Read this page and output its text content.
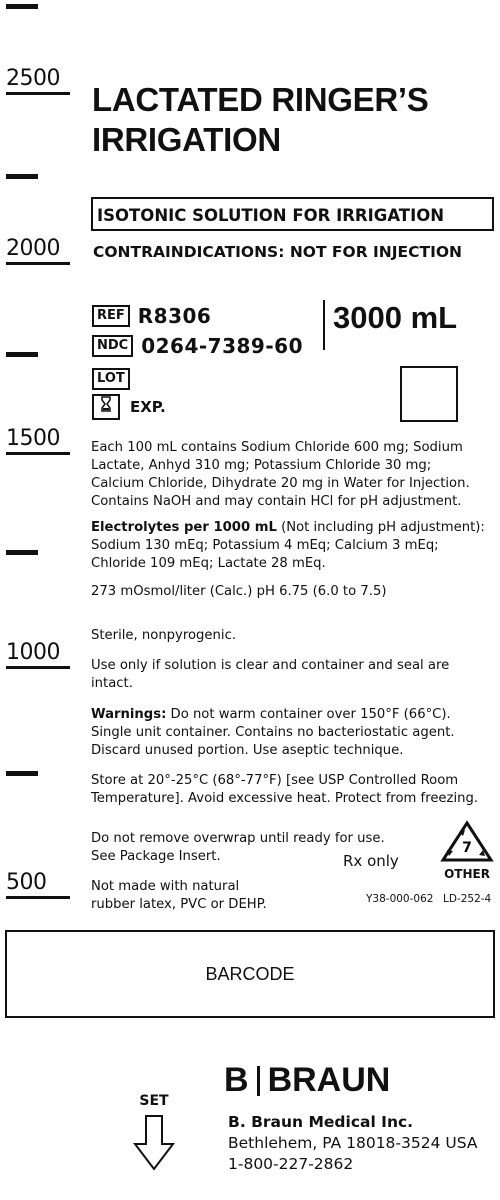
2500
2000
1500
1000
500
LACTATED RINGER’S
IRRIGATION
ISOTONIC SOLUTION FOR IRRIGATION
CONTRAINDICATIONS: NOT FOR INJECTION
REF R8306
NDC 0264-7389-60
LOT
EXP.
3000 mL
Each 100 mL contains Sodium Chloride 600 mg; Sodium Lactate, Anhyd 310 mg; Potassium Chloride 30 mg; Calcium Chloride, Dihydrate 20 mg in Water for Injection. Contains NaOH and may contain HCl for pH adjustment.
Electrolytes per 1000 mL (Not including pH adjustment): Sodium 130 mEq; Potassium 4 mEq; Calcium 3 mEq; Chloride 109 mEq; Lactate 28 mEq.
273 mOsmol/liter (Calc.) pH 6.75 (6.0 to 7.5)
Sterile, nonpyrogenic.
Use only if solution is clear and container and seal are intact.
Warnings: Do not warm container over 150°F (66°C). Single unit container. Contains no bacteriostatic agent. Discard unused portion. Use aseptic technique.
Store at 20°-25°C (68°-77°F) [see USP Controlled Room Temperature]. Avoid excessive heat. Protect from freezing.
Do not remove overwrap until ready for use.
See Package Insert.	Rx only
Not made with natural rubber latex, PVC or DEHP.
7
OTHER
Y38-000-062 LD-252-4
BARCODE
SET
B BRAUN
B. Braun Medical Inc.
Bethlehem, PA 18018-3524 USA
1-800-227-2862
